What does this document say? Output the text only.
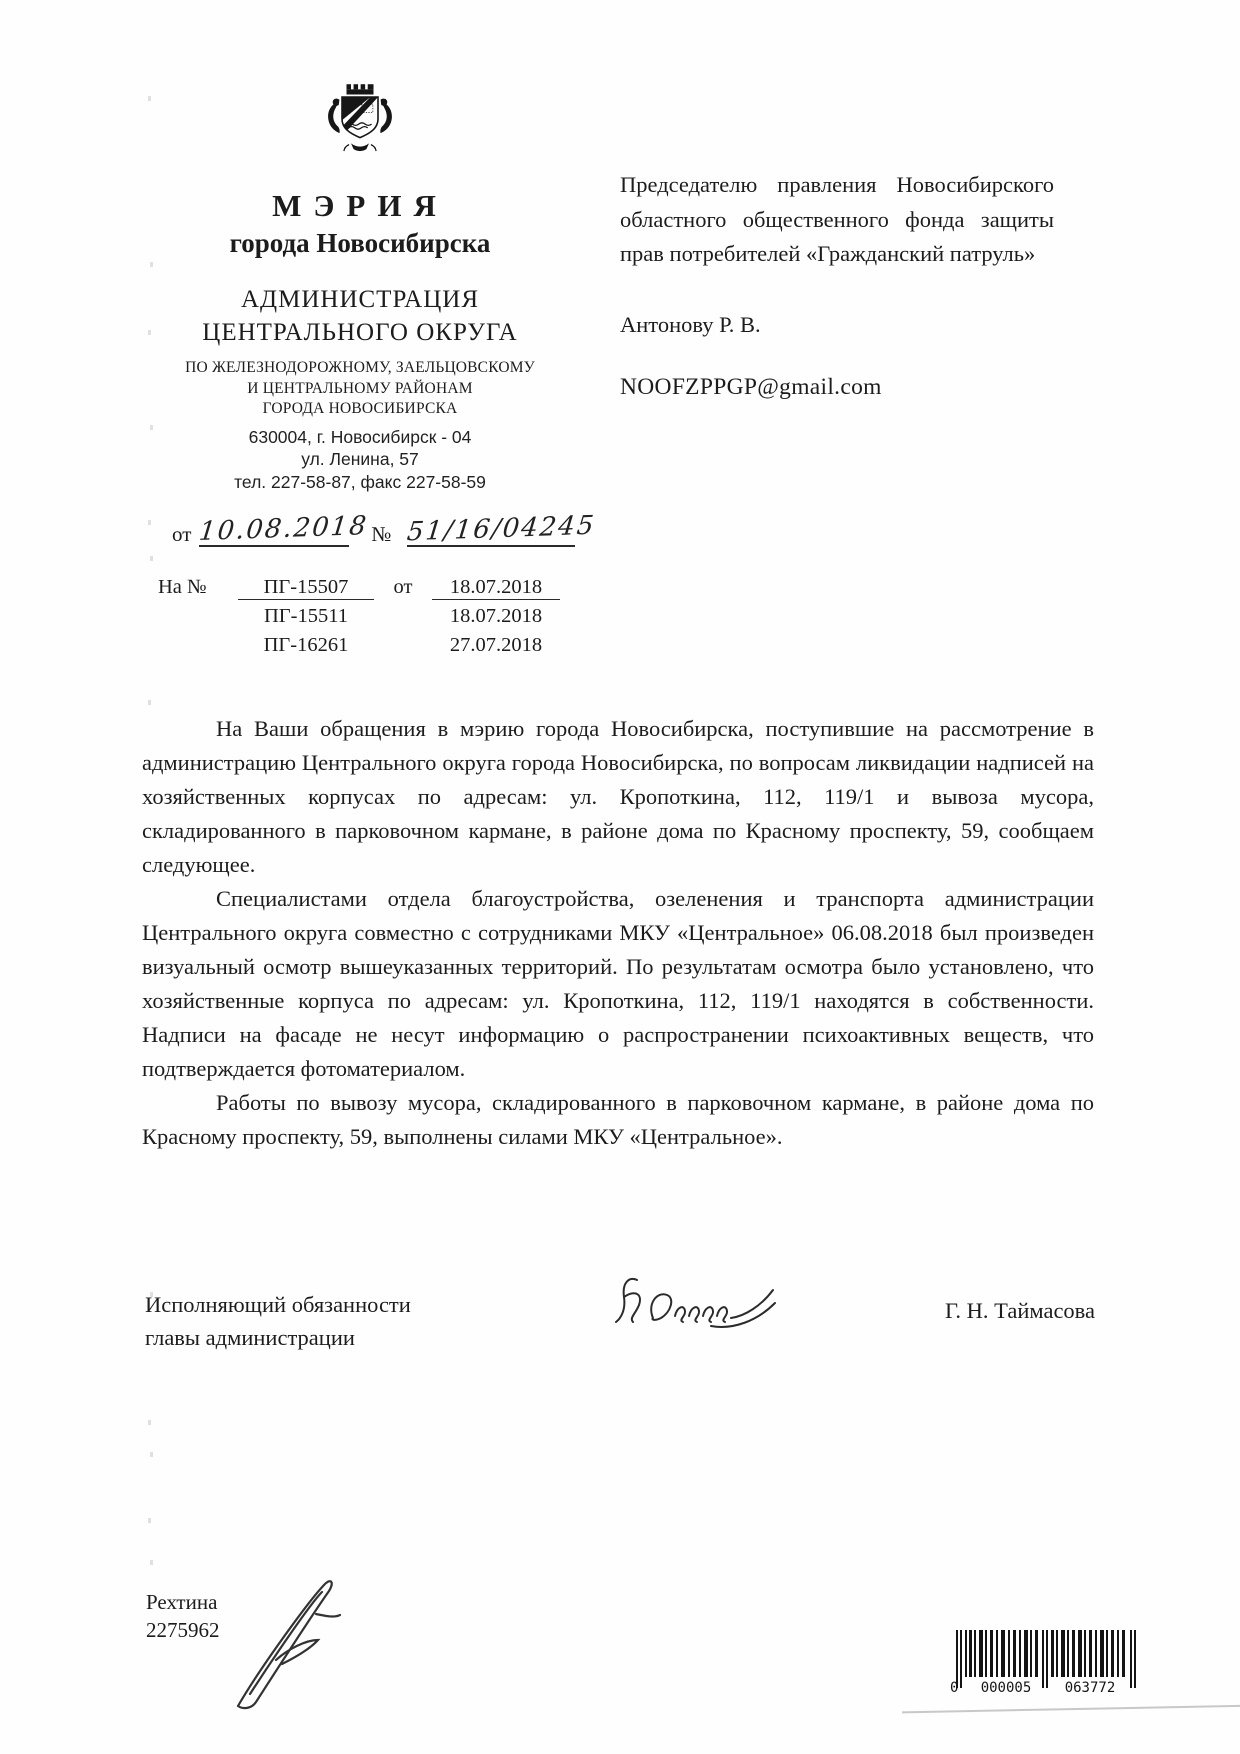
МЭРИЯ
города Новосибирска
АДМИНИСТРАЦИЯ
ЦЕНТРАЛЬНОГО ОКРУГА
ПО ЖЕЛЕЗНОДОРОЖНОМУ, ЗАЕЛЬЦОВСКОМУ
И ЦЕНТРАЛЬНОМУ РАЙОНАМ
ГОРОДА НОВОСИБИРСКА
630004, г. Новосибирск - 04
ул. Ленина, 57
тел. 227-58-87, факс 227-58-59

Председателю правления Новосибирского областного общественного фонда защиты прав потребителей «Гражданский патруль»

Антонову Р. В.

NOOFZPPGP@gmail.com

от 10.08.2018 № 51/16/04245
На №	ПГ-15507	от	18.07.2018
ПГ-15511	18.07.2018
ПГ-16261	27.07.2018

На Ваши обращения в мэрию города Новосибирска, поступившие на рассмотрение в администрацию Центрального округа города Новосибирска, по вопросам ликвидации надписей на хозяйственных корпусах по адресам: ул. Кропоткина, 112, 119/1 и вывоза мусора, складированного в парковочном кармане, в районе дома по Красному проспекту, 59, сообщаем следующее.

Специалистами отдела благоустройства, озеленения и транспорта администрации Центрального округа совместно с сотрудниками МКУ «Центральное» 06.08.2018 был произведен визуальный осмотр вышеуказанных территорий. По результатам осмотра было установлено, что хозяйственные корпуса по адресам: ул. Кропоткина, 112, 119/1 находятся в собственности. Надписи на фасаде не несут информацию о распространении психоактивных веществ, что подтверждается фотоматериалом.

Работы по вывозу мусора, складированного в парковочном кармане, в районе дома по Красному проспекту, 59, выполнены силами МКУ «Центральное».

Исполняющий обязанности
главы администрации
Г. Н. Таймасова
Рехтина
2275962
0	000005	063772
